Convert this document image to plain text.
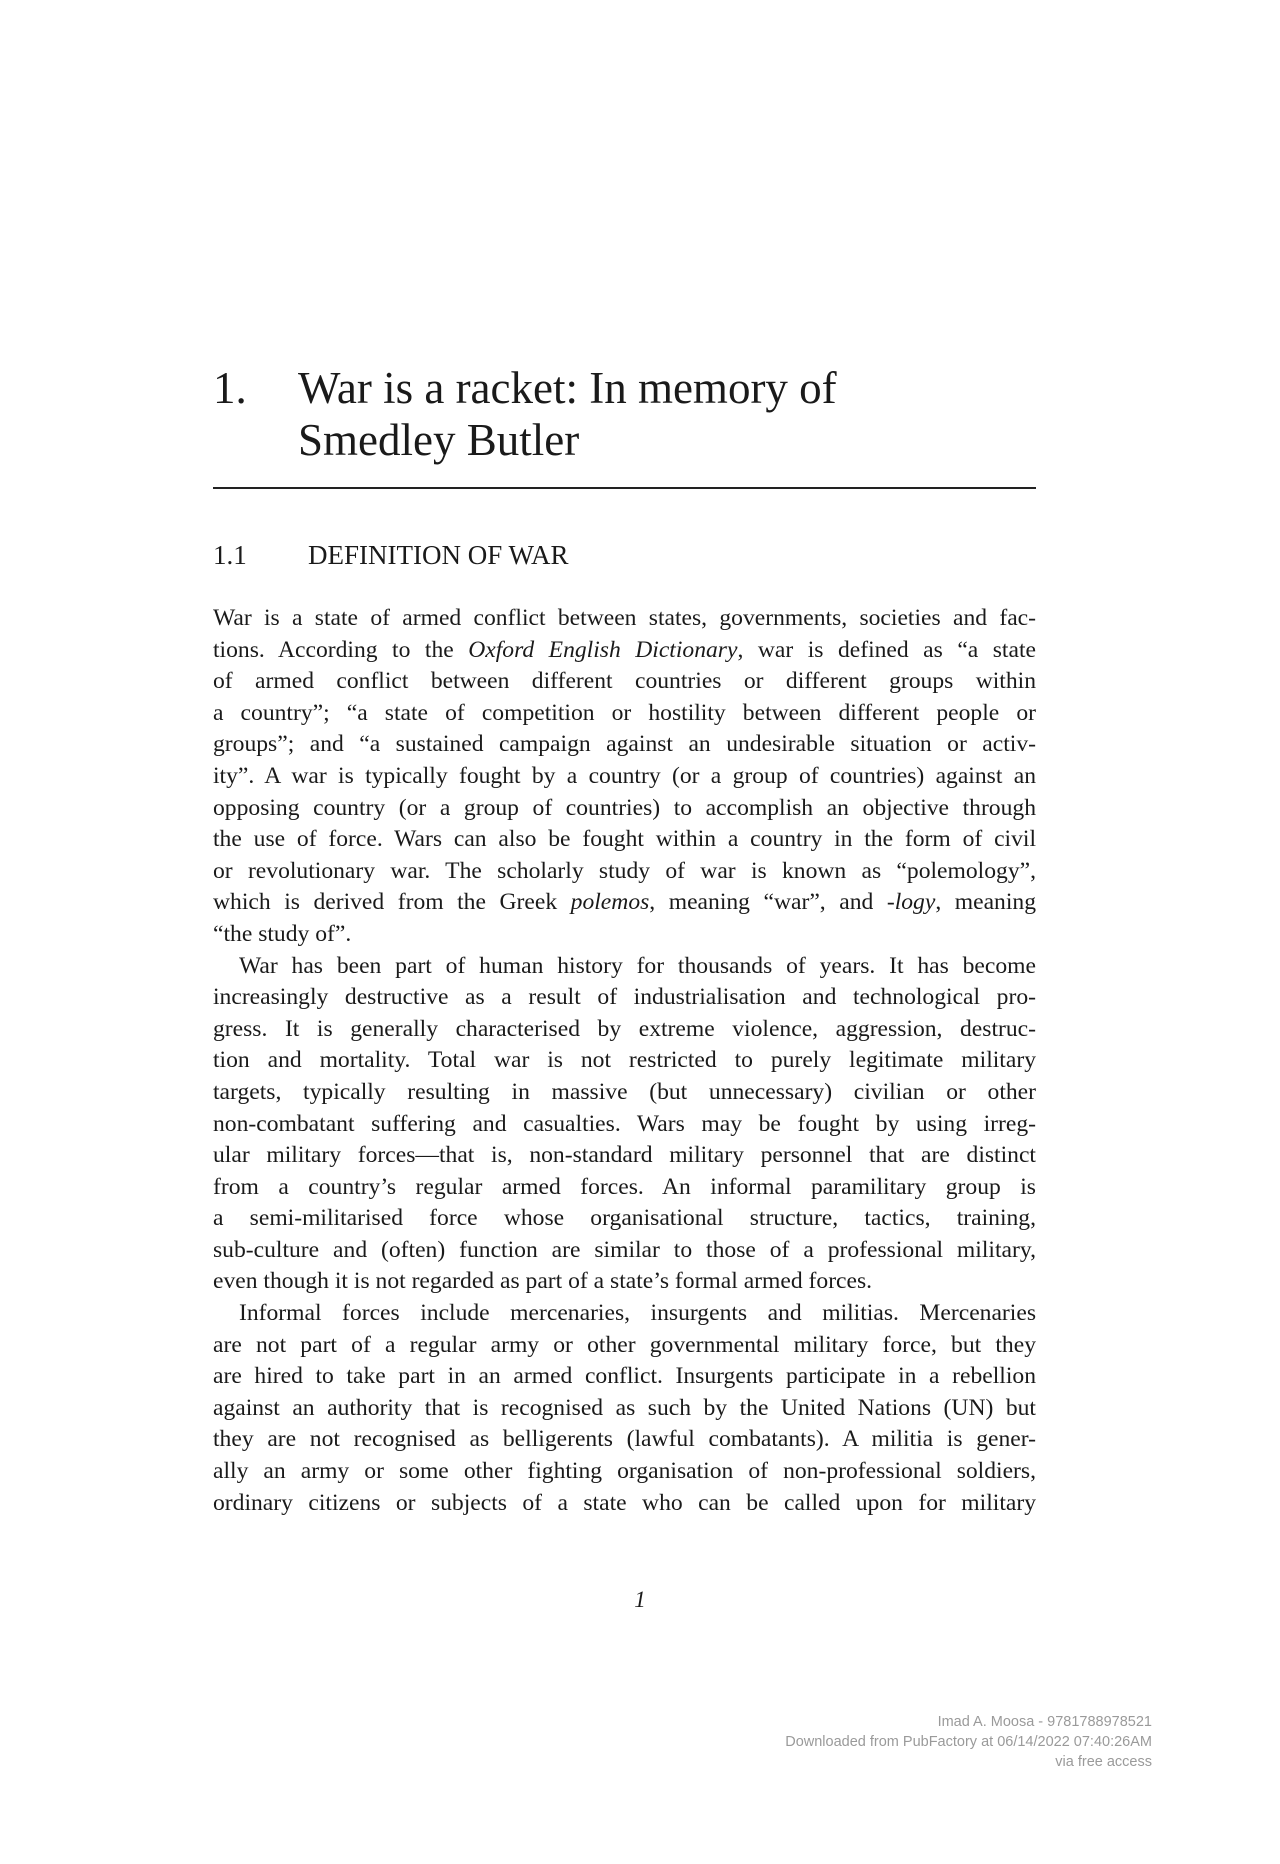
1. War is a racket: In memory of
Smedley Butler
1.1 DEFINITION OF WAR

War is a state of armed conflict between states, governments, societies and fac-
tions. According to the Oxford English Dictionary, war is defined as “a state
of armed conflict between different countries or different groups within
a country”; “a state of competition or hostility between different people or
groups”; and “a sustained campaign against an undesirable situation or activ-
ity”. A war is typically fought by a country (or a group of countries) against an
opposing country (or a group of countries) to accomplish an objective through
the use of force. Wars can also be fought within a country in the form of civil
or revolutionary war. The scholarly study of war is known as “polemology”,
which is derived from the Greek polemos, meaning “war”, and -logy, meaning
“the study of”.

War has been part of human history for thousands of years. It has become
increasingly destructive as a result of industrialisation and technological pro-
gress. It is generally characterised by extreme violence, aggression, destruc-
tion and mortality. Total war is not restricted to purely legitimate military
targets, typically resulting in massive (but unnecessary) civilian or other
non-combatant suffering and casualties. Wars may be fought by using irreg-
ular military forces—that is, non-standard military personnel that are distinct
from a country’s regular armed forces. An informal paramilitary group is
a semi-militarised force whose organisational structure, tactics, training,
sub-culture and (often) function are similar to those of a professional military,
even though it is not regarded as part of a state’s formal armed forces.

Informal forces include mercenaries, insurgents and militias. Mercenaries
are not part of a regular army or other governmental military force, but they
are hired to take part in an armed conflict. Insurgents participate in a rebellion
against an authority that is recognised as such by the United Nations (UN) but
they are not recognised as belligerents (lawful combatants). A militia is gener-
ally an army or some other fighting organisation of non-professional soldiers,
ordinary citizens or subjects of a state who can be called upon for military

1
Imad A. Moosa - 9781788978521
Downloaded from PubFactory at 06/14/2022 07:40:26AM
via free access
